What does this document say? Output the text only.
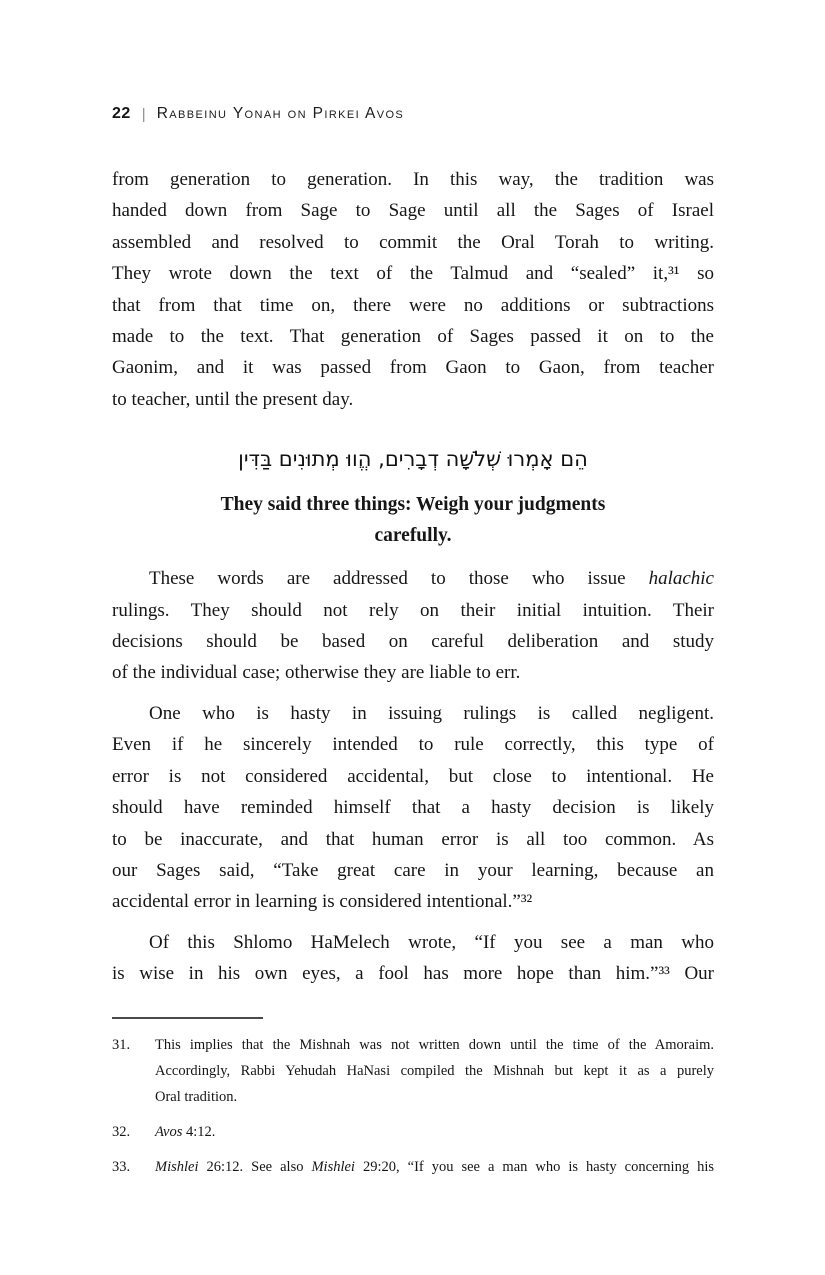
22 | Rabbeinu Yonah on Pirkei Avos
from generation to generation. In this way, the tradition was
handed down from Sage to Sage until all the Sages of Israel
assembled and resolved to commit the Oral Torah to writing.
They wrote down the text of the Talmud and “sealed” it,³¹ so
that from that time on, there were no additions or subtractions
made to the text. That generation of Sages passed it on to the
Gaonim, and it was passed from Gaon to Gaon, from teacher
to teacher, until the present day.
הֵם אָמְרוּ שְׁלֹשָׁה דְבָרִים, הֱווּ מְתוּנִים בַּדִּין
They said three things: Weigh your judgments
carefully.
These words are addressed to those who issue halachic
rulings. They should not rely on their initial intuition. Their
decisions should be based on careful deliberation and study
of the individual case; otherwise they are liable to err.
One who is hasty in issuing rulings is called negligent.
Even if he sincerely intended to rule correctly, this type of
error is not considered accidental, but close to intentional. He
should have reminded himself that a hasty decision is likely
to be inaccurate, and that human error is all too common. As
our Sages said, “Take great care in your learning, because an
accidental error in learning is considered intentional.”³²
Of this Shlomo HaMelech wrote, “If you see a man who
is wise in his own eyes, a fool has more hope than him.”³³ Our
31.	This implies that the Mishnah was not written down until the time of the Amoraim.
Accordingly, Rabbi Yehudah HaNasi compiled the Mishnah but kept it as a purely
Oral tradition.
32.	Avos 4:12.
33.	Mishlei 26:12. See also Mishlei 29:20, “If you see a man who is hasty concerning his
